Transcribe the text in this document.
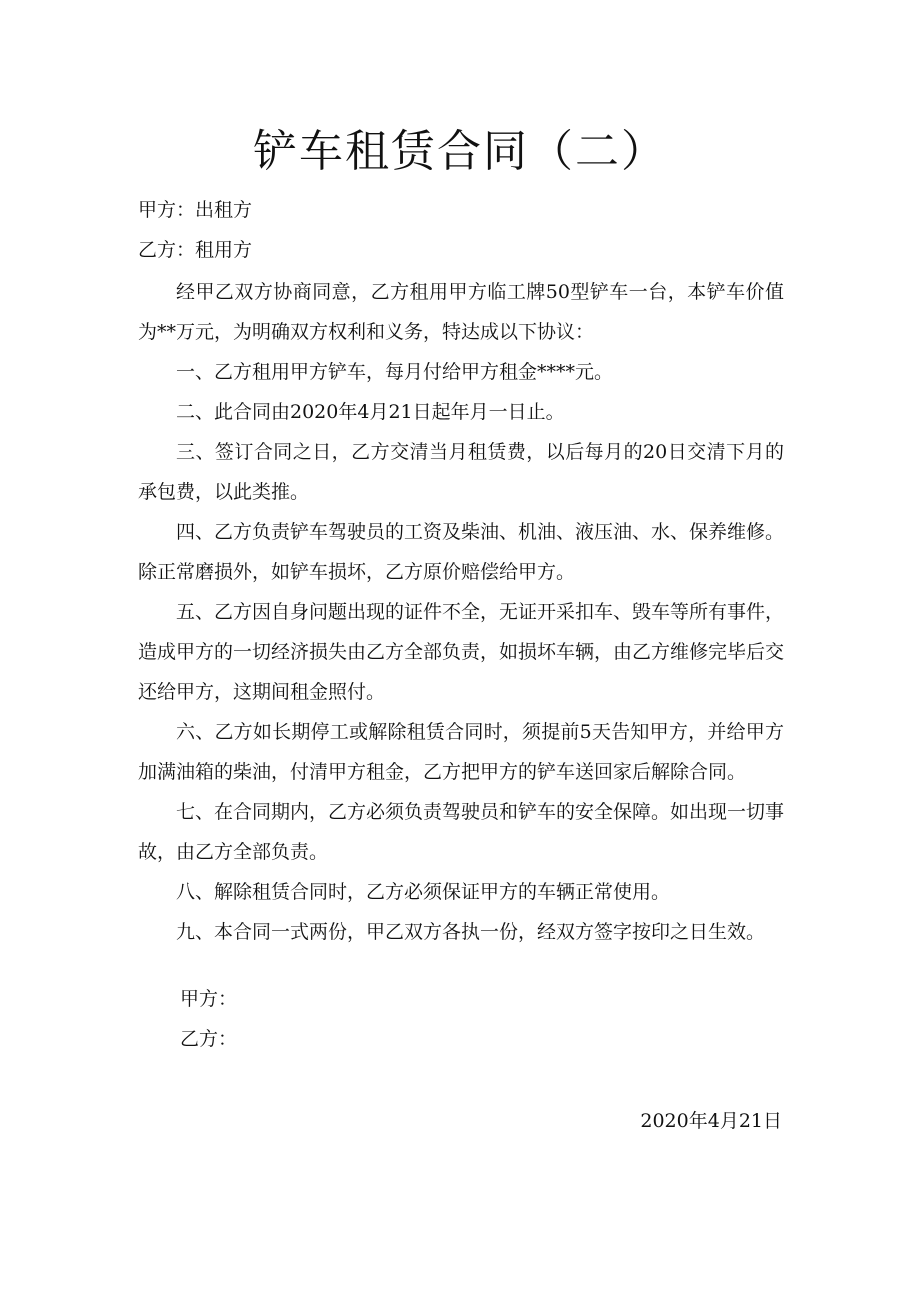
铲车租赁合同（二）
甲方：出租方
乙方：租用方

经甲乙双方协商同意，乙方租用甲方临工牌50型铲车一台，本铲车价值为**万元，为明确双方权利和义务，特达成以下协议：

一、乙方租用甲方铲车，每月付给甲方租金****元。

二、此合同由2020年4月21日起年月一日止。

三、签订合同之日，乙方交清当月租赁费，以后每月的20日交清下月的承包费，以此类推。

四、乙方负责铲车驾驶员的工资及柴油、机油、液压油、水、保养维修。除正常磨损外，如铲车损坏，乙方原价赔偿给甲方。

五、乙方因自身问题出现的证件不全，无证开采扣车、毁车等所有事件，造成甲方的一切经济损失由乙方全部负责，如损坏车辆，由乙方维修完毕后交还给甲方，这期间租金照付。

六、乙方如长期停工或解除租赁合同时，须提前5天告知甲方，并给甲方加满油箱的柴油，付清甲方租金，乙方把甲方的铲车送回家后解除合同。

七、在合同期内，乙方必须负责驾驶员和铲车的安全保障。如出现一切事故，由乙方全部负责。

八、解除租赁合同时，乙方必须保证甲方的车辆正常使用。

九、本合同一式两份，甲乙双方各执一份，经双方签字按印之日生效。

甲方：
乙方：
2020年4月21日
